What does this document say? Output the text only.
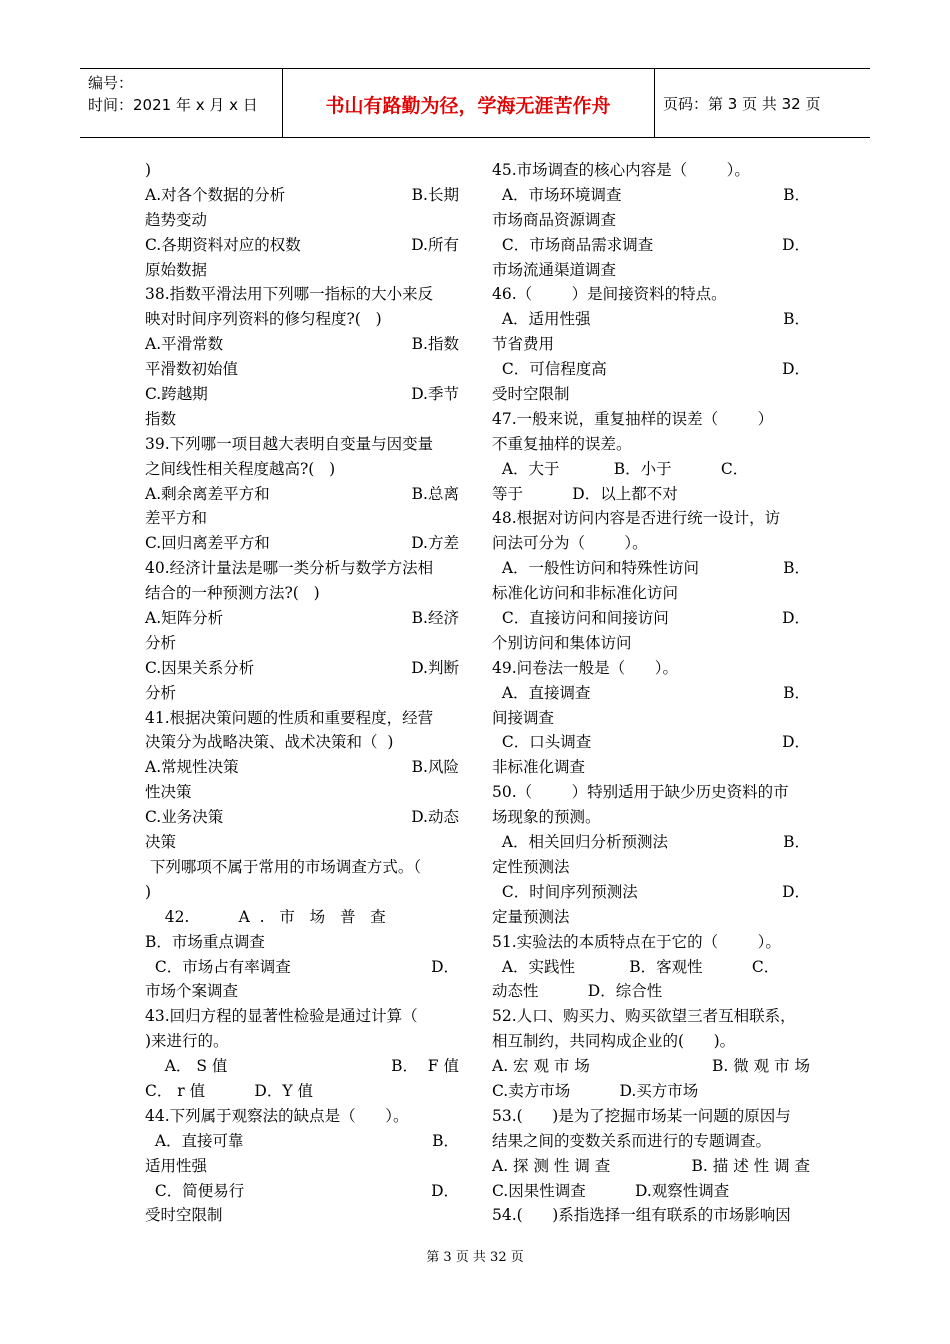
编号：
时间：2021 年 x 月 x 日	书山有路勤为径，学海无涯苦作舟	页码：第 3 页 共 32 页
)
A.对各个数据的分析	B.长期
趋势变动
C.各期资料对应的权数	D.所有
原始数据
38.指数平滑法用下列哪一指标的大小来反
映对时间序列资料的修匀程度?(   )
A.平滑常数	B.指数
平滑数初始值
C.跨越期	D.季节
指数
39.下列哪一项目越大表明自变量与因变量
之间线性相关程度越高?(   )
A.剩余离差平方和	B.总离
差平方和
C.回归离差平方和	D.方差
40.经济计量法是哪一类分析与数学方法相
结合的一种预测方法?(   )
A.矩阵分析	B.经济
分析
C.因果关系分析	D.判断
分析
41.根据决策问题的性质和重要程度，经营
决策分为战略决策、战术决策和（  )
A.常规性决策	B.风险
性决策
C.业务决策	D.动态
决策
下列哪项不属于常用的市场调查方式。（
)
42.          A  .   市   场   普   查
B．市场重点调查
C．市场占有率调查	D．
市场个案调查
43.回归方程的显著性检验是通过计算（
)来进行的。
A． S 值	B．  F 值
C． r 值          D．Y 值
44.下列属于观察法的缺点是（      ）。
A．直接可靠	B．
适用性强
C．简便易行	D．
受时空限制
45.市场调查的核心内容是（        ）。
A．市场环境调查	B．
市场商品资源调查
C．市场商品需求调查	D．
市场流通渠道调查
46.（        ）是间接资料的特点。
A．适用性强	B．
节省费用
C．可信程度高	D．
受时空限制
47.一般来说，重复抽样的误差（        ）
不重复抽样的误差。
A．大于           B．小于          C．
等于          D．以上都不对
48.根据对访问内容是否进行统一设计，访
问法可分为（        ）。
A．一般性访问和特殊性访问	B．
标准化访问和非标准化访问
C．直接访问和间接访问	D．
个别访问和集体访问
49.问卷法一般是（      ）。
A．直接调查	B．
间接调查
C．口头调查	D．
非标准化调查
50.（        ）特别适用于缺少历史资料的市
场现象的预测。
A．相关回归分析预测法	B．
定性预测法
C．时间序列预测法	D．
定量预测法
51.实验法的本质特点在于它的（        ）。
A．实践性           B．客观性          C．
动态性          D．综合性
52.人口、购买力、购买欲望三者互相联系，
相互制约，共同构成企业的(      )。
A. 宏 观 市 场	B. 微 观 市 场
C.卖方市场          D.买方市场
53.(      )是为了挖掘市场某一问题的原因与
结果之间的变数关系而进行的专题调查。
A. 探 测 性 调 查	B. 描 述 性 调 查
C.因果性调查          D.观察性调查
54.(      )系指选择一组有联系的市场影响因
第 3 页 共 32 页
